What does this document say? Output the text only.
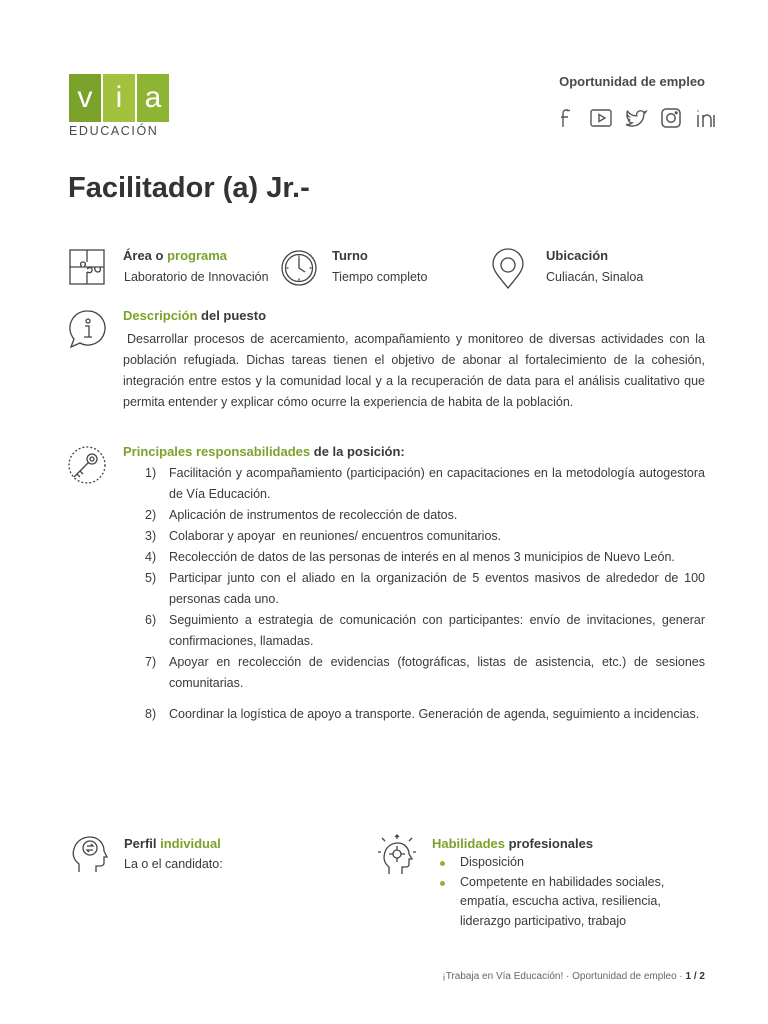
v i a
EDUCACIÓN
Oportunidad de empleo
Facilitador (a) Jr.-
Área o programa
Laboratorio de Innovación
Turno
Tiempo completo
Ubicación
Culiacán, Sinaloa
Descripción del puesto
Desarrollar procesos de acercamiento, acompañamiento y monitoreo de diversas actividades con la población refugiada. Dichas tareas tienen el objetivo de abonar al fortalecimiento de la cohesión, integración entre estos y la comunidad local y a la recuperación de data para el análisis cualitativo que permita entender y explicar cómo ocurre la experiencia de habita de la población.
Principales responsabilidades de la posición:
1) Facilitación y acompañamiento (participación) en capacitaciones en la metodología autogestora de Vía Educación.
2) Aplicación de instrumentos de recolección de datos.
3) Colaborar y apoyar  en reuniones/ encuentros comunitarios.
4) Recolección de datos de las personas de interés en al menos 3 municipios de Nuevo León.
5) Participar junto con el aliado en la organización de 5 eventos masivos de alrededor de 100 personas cada uno.
6) Seguimiento a estrategia de comunicación con participantes: envío de invitaciones, generar confirmaciones, llamadas.
7) Apoyar en recolección de evidencias (fotográficas, listas de asistencia, etc.) de sesiones comunitarias.
8) Coordinar la logística de apoyo a transporte. Generación de agenda, seguimiento a incidencias.
Perfil individual
La o el candidato:
Habilidades profesionales
Disposición
Competente en habilidades sociales, empatía, escucha activa, resiliencia, liderazgo participativo, trabajo
¡Trabaja en Vía Educación! · Oportunidad de empleo · 1 / 2
